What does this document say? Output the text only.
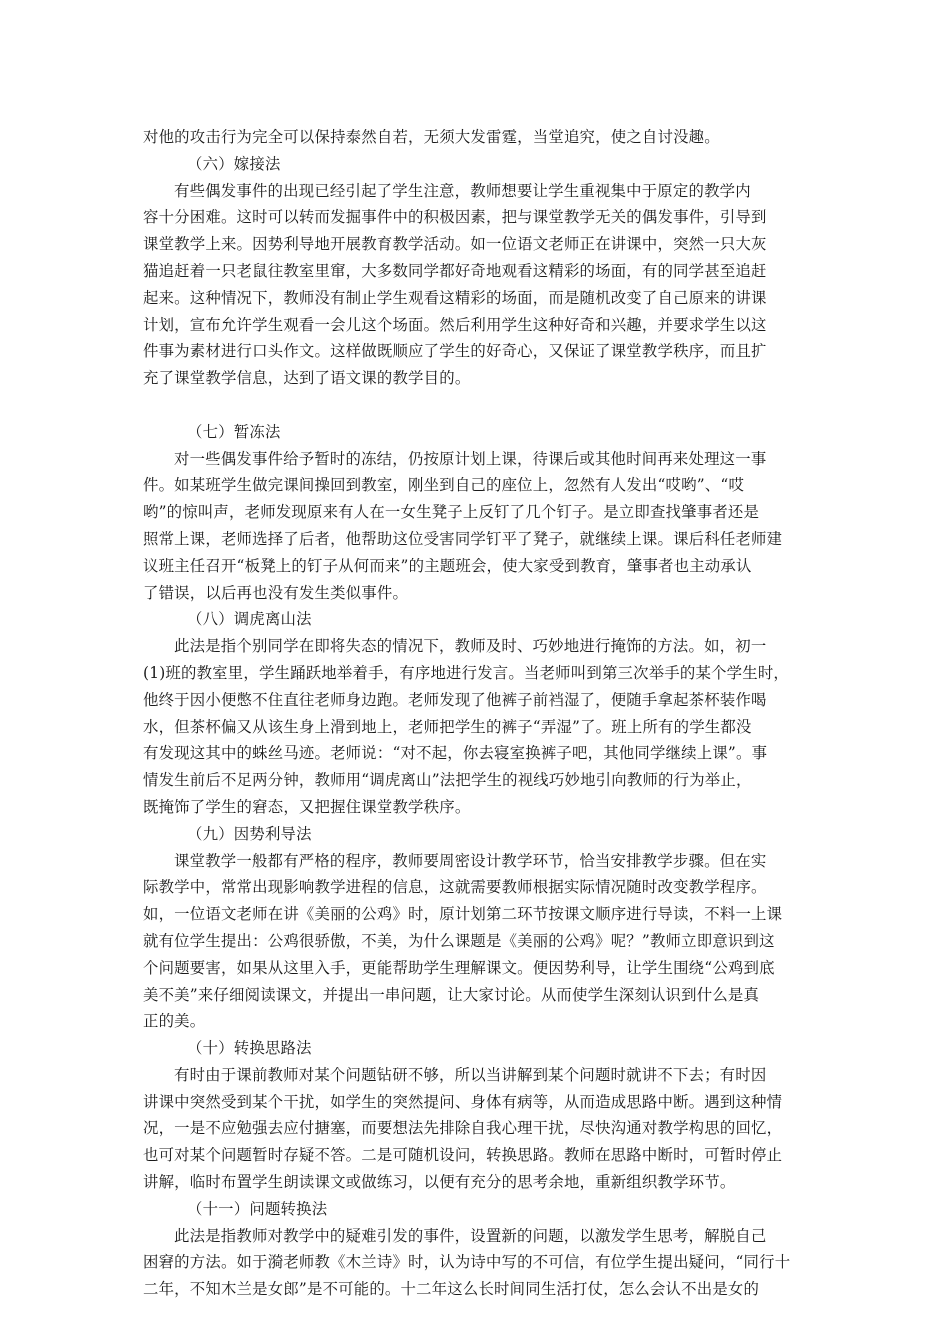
对他的攻击行为完全可以保持泰然自若，无须大发雷霆，当堂追究，使之自讨没趣。
（六）嫁接法
有些偶发事件的出现已经引起了学生注意，教师想要让学生重视集中于原定的教学内
容十分困难。这时可以转而发掘事件中的积极因素，把与课堂教学无关的偶发事件，引导到
课堂教学上来。因势利导地开展教育教学活动。如一位语文老师正在讲课中，突然一只大灰
猫追赶着一只老鼠往教室里窜，大多数同学都好奇地观看这精彩的场面，有的同学甚至追赶
起来。这种情况下，教师没有制止学生观看这精彩的场面，而是随机改变了自己原来的讲课
计划，宣布允许学生观看一会儿这个场面。然后利用学生这种好奇和兴趣，并要求学生以这
件事为素材进行口头作文。这样做既顺应了学生的好奇心，又保证了课堂教学秩序，而且扩
充了课堂教学信息，达到了语文课的教学目的。
（七）暂冻法
对一些偶发事件给予暂时的冻结，仍按原计划上课，待课后或其他时间再来处理这一事
件。如某班学生做完课间操回到教室，刚坐到自己的座位上，忽然有人发出“哎哟”、“哎
哟”的惊叫声，老师发现原来有人在一女生凳子上反钉了几个钉子。是立即查找肇事者还是
照常上课，老师选择了后者，他帮助这位受害同学钉平了凳子，就继续上课。课后科任老师建
议班主任召开“板凳上的钉子从何而来”的主题班会，使大家受到教育，肇事者也主动承认
了错误，以后再也没有发生类似事件。
（八）调虎离山法
此法是指个别同学在即将失态的情况下，教师及时、巧妙地进行掩饰的方法。如，初一
(1)班的教室里，学生踊跃地举着手，有序地进行发言。当老师叫到第三次举手的某个学生时，
他终于因小便憋不住直往老师身边跑。老师发现了他裤子前裆湿了，便随手拿起茶杯装作喝
水，但茶杯偏又从该生身上滑到地上，老师把学生的裤子“弄湿”了。班上所有的学生都没
有发现这其中的蛛丝马迹。老师说：“对不起，你去寝室换裤子吧，其他同学继续上课”。事
情发生前后不足两分钟，教师用“调虎离山”法把学生的视线巧妙地引向教师的行为举止，
既掩饰了学生的窘态，又把握住课堂教学秩序。
（九）因势利导法
课堂教学一般都有严格的程序，教师要周密设计教学环节，恰当安排教学步骤。但在实
际教学中，常常出现影响教学进程的信息，这就需要教师根据实际情况随时改变教学程序。
如，一位语文老师在讲《美丽的公鸡》时，原计划第二环节按课文顺序进行导读，不料一上课
就有位学生提出：公鸡很骄傲，不美，为什么课题是《美丽的公鸡》呢？”教师立即意识到这
个问题要害，如果从这里入手，更能帮助学生理解课文。便因势利导，让学生围绕“公鸡到底
美不美”来仔细阅读课文，并提出一串问题，让大家讨论。从而使学生深刻认识到什么是真
正的美。
（十）转换思路法
有时由于课前教师对某个问题钻研不够，所以当讲解到某个问题时就讲不下去；有时因
讲课中突然受到某个干扰，如学生的突然提问、身体有病等，从而造成思路中断。遇到这种情
况，一是不应勉强去应付搪塞，而要想法先排除自我心理干扰，尽快沟通对教学构思的回忆，
也可对某个问题暂时存疑不答。二是可随机设问，转换思路。教师在思路中断时，可暂时停止
讲解，临时布置学生朗读课文或做练习，以便有充分的思考余地，重新组织教学环节。
（十一）问题转换法
此法是指教师对教学中的疑难引发的事件，设置新的问题，以激发学生思考，解脱自己
困窘的方法。如于漪老师教《木兰诗》时，认为诗中写的不可信，有位学生提出疑问，“同行十
二年，不知木兰是女郎”是不可能的。十二年这么长时间同生活打仗，怎么会认不出是女的
